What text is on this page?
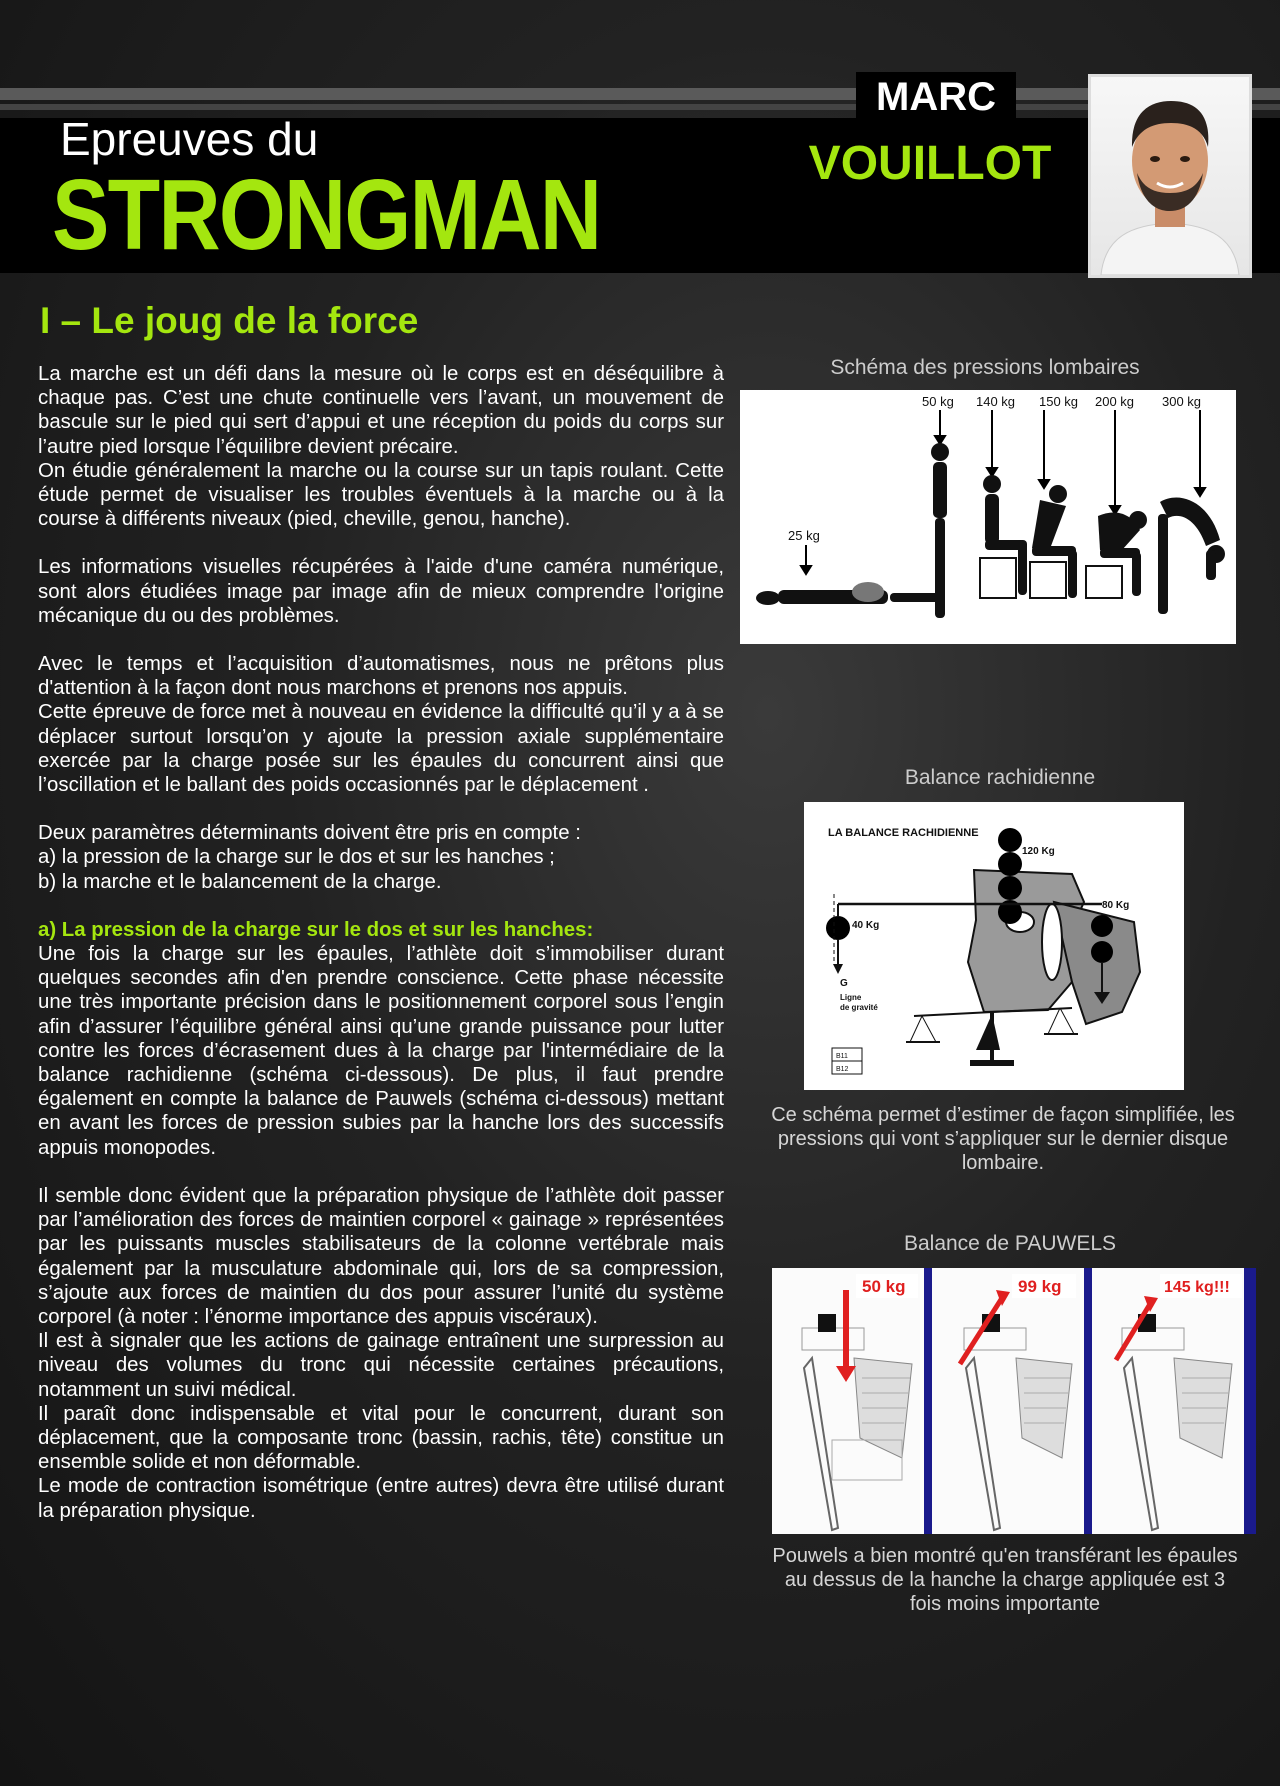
Epreuves du
STRONGMAN
MARC
VOUILLOT
I – Le joug de la force

La marche est un défi dans la mesure où le corps est en déséquilibre à chaque pas. C’est une chute continuelle vers l’avant, un mouvement de bascule sur le pied qui sert d’appui et une réception du poids du corps sur l’autre pied lorsque l’équilibre devient précaire.

On étudie généralement la marche ou la course sur un tapis roulant. Cette étude permet de visualiser les troubles éventuels à la marche ou à la course à différents niveaux (pied, cheville, genou, hanche).

Les informations visuelles récupérées à l'aide d'une caméra numérique, sont alors étudiées image par image afin de mieux comprendre l'origine mécanique du ou des problèmes.

Avec le temps et l’acquisition d’automatismes, nous ne prêtons plus d'attention à la façon dont nous marchons et prenons nos appuis.

Cette épreuve de force met à nouveau en évidence la difficulté qu’il y a à se déplacer surtout lorsqu’on y ajoute la pression axiale supplémentaire exercée par la charge posée sur les épaules du concurrent ainsi que l’oscillation et le ballant des poids occasionnés par le déplacement .

Deux paramètres déterminants doivent être pris en compte :

a) la pression de la charge sur le dos et sur les hanches ;

b) la marche et le balancement de la charge.

a) La pression de la charge sur le dos et sur les hanches:

Une fois la charge sur les épaules, l’athlète doit s’immobiliser durant quelques secondes afin d'en prendre conscience. Cette phase nécessite une très importante précision dans le positionnement corporel sous l’engin afin d’assurer l’équilibre général ainsi qu’une grande puissance pour lutter contre les forces d’écrasement dues à la charge par l'intermédiaire de la balance rachidienne (schéma ci-dessous). De plus, il faut prendre également en compte la balance de Pauwels (schéma ci-dessous) mettant en avant les forces de pression subies par la hanche lors des successifs appuis monopodes.

Il semble donc évident que la préparation physique de l’athlète doit passer par l’amélioration des forces de maintien corporel « gainage » représentées par les puissants muscles stabilisateurs de la colonne vertébrale mais également par la musculature abdominale qui, lors de sa compression, s’ajoute aux forces de maintien du dos pour assurer l’unité du système corporel (à noter : l’énorme importance des appuis viscéraux).

Il est à signaler que les actions de gainage entraînent une surpression au niveau des volumes du tronc qui nécessite certaines précautions, notamment un suivi médical.

Il paraît donc indispensable et vital pour le concurrent, durant son déplacement, que la composante tronc (bassin, rachis, tête) constitue un ensemble solide et non déformable.

Le mode de contraction isométrique (entre autres) devra être utilisé durant la préparation physique.

Schéma des pressions lombaires
25 kg
50 kg 140 kg 150 kg 200 kg 300 kg
Balance rachidienne
LA BALANCE RACHIDIENNE
120 Kg
80 Kg
40 Kg
G
Ligne
de gravité
B11
B12
Ce schéma permet d’estimer de façon simplifiée, les pressions qui vont s’appliquer sur le dernier disque lombaire.
Balance de PAUWELS
50 kg	99 kg	145 kg!!!
Pouwels a bien montré qu'en transférant les épaules au dessus de la hanche la charge appliquée est 3 fois moins importante
